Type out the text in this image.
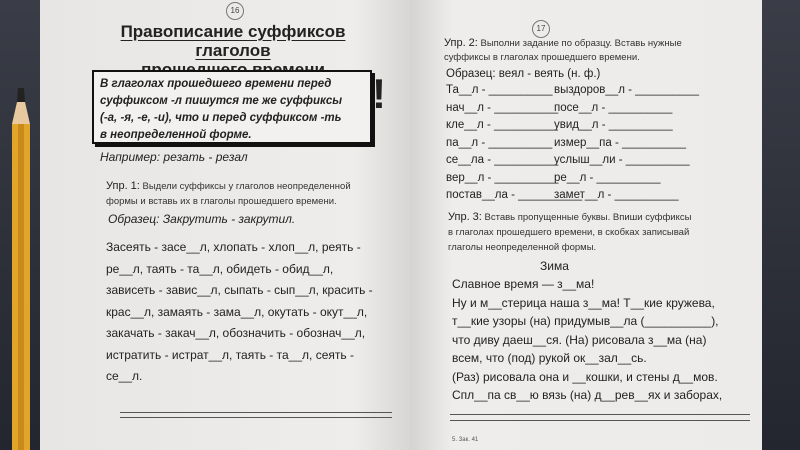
16
Правописание суффиксов глаголов
В глаголах прошедшего времени перед
суффиксом -л пишутся те же суффиксы
(-а, -я, -е, -и), что и перед суффиксом -ть
в неопределенной форме.
!
Например: резать - резал
Упр. 1: Выдели суффиксы у глаголов неопределенной
формы и вставь их в глаголы прошедшего времени.
Образец: Закрутить - закрутил.
Засеять - засе__л, хлопать - хлоп__л, реять -
ре__л, таять - та__л, обидеть - обид__л,
зависеть - завис__л, сыпать - сып__л, красить -
крас__л, замаять - зама__л, окутать - окут__л,
закачать - закач__л, обозначить - обознач__л,
истратить - истрат__л, таять - та__л, сеять -
се__л.
17
Упр. 2: Выполни задание по образцу. Вставь нужные
суффиксы в глаголах прошедшего времени.
Образец: веял - веять (н. ф.)
Та__л - __________ выздоров__л - __________
нач__л - __________
посе__л - __________
кле__л - __________
увид__л - __________
па__л - __________ измер__па - __________
се__ла - __________
услыш__ли - __________
вер__л - __________
ре__л - __________
постав__ла - __________
замет__л - __________
Упр. 3: Вставь пропущенные буквы. Впиши суффиксы
в глаголах прошедшего времени, в скобках записывай
глаголы неопределенной формы.
Зима
Славное время — з__ма!
Ну и м__стерица наша з__ма! Т__кие кружева,
т__кие узоры (на) придумыв__ла (__________),
что диву даеш__ся. (На) рисовала з__ма (на)
всем, что (под) рукой ок__зал__сь.
(Раз) рисовала она и __кошки, и стены д__мов.
Спл__па св__ю вязь (на) д__рев__ях и заборах,
5. Зак. 41
